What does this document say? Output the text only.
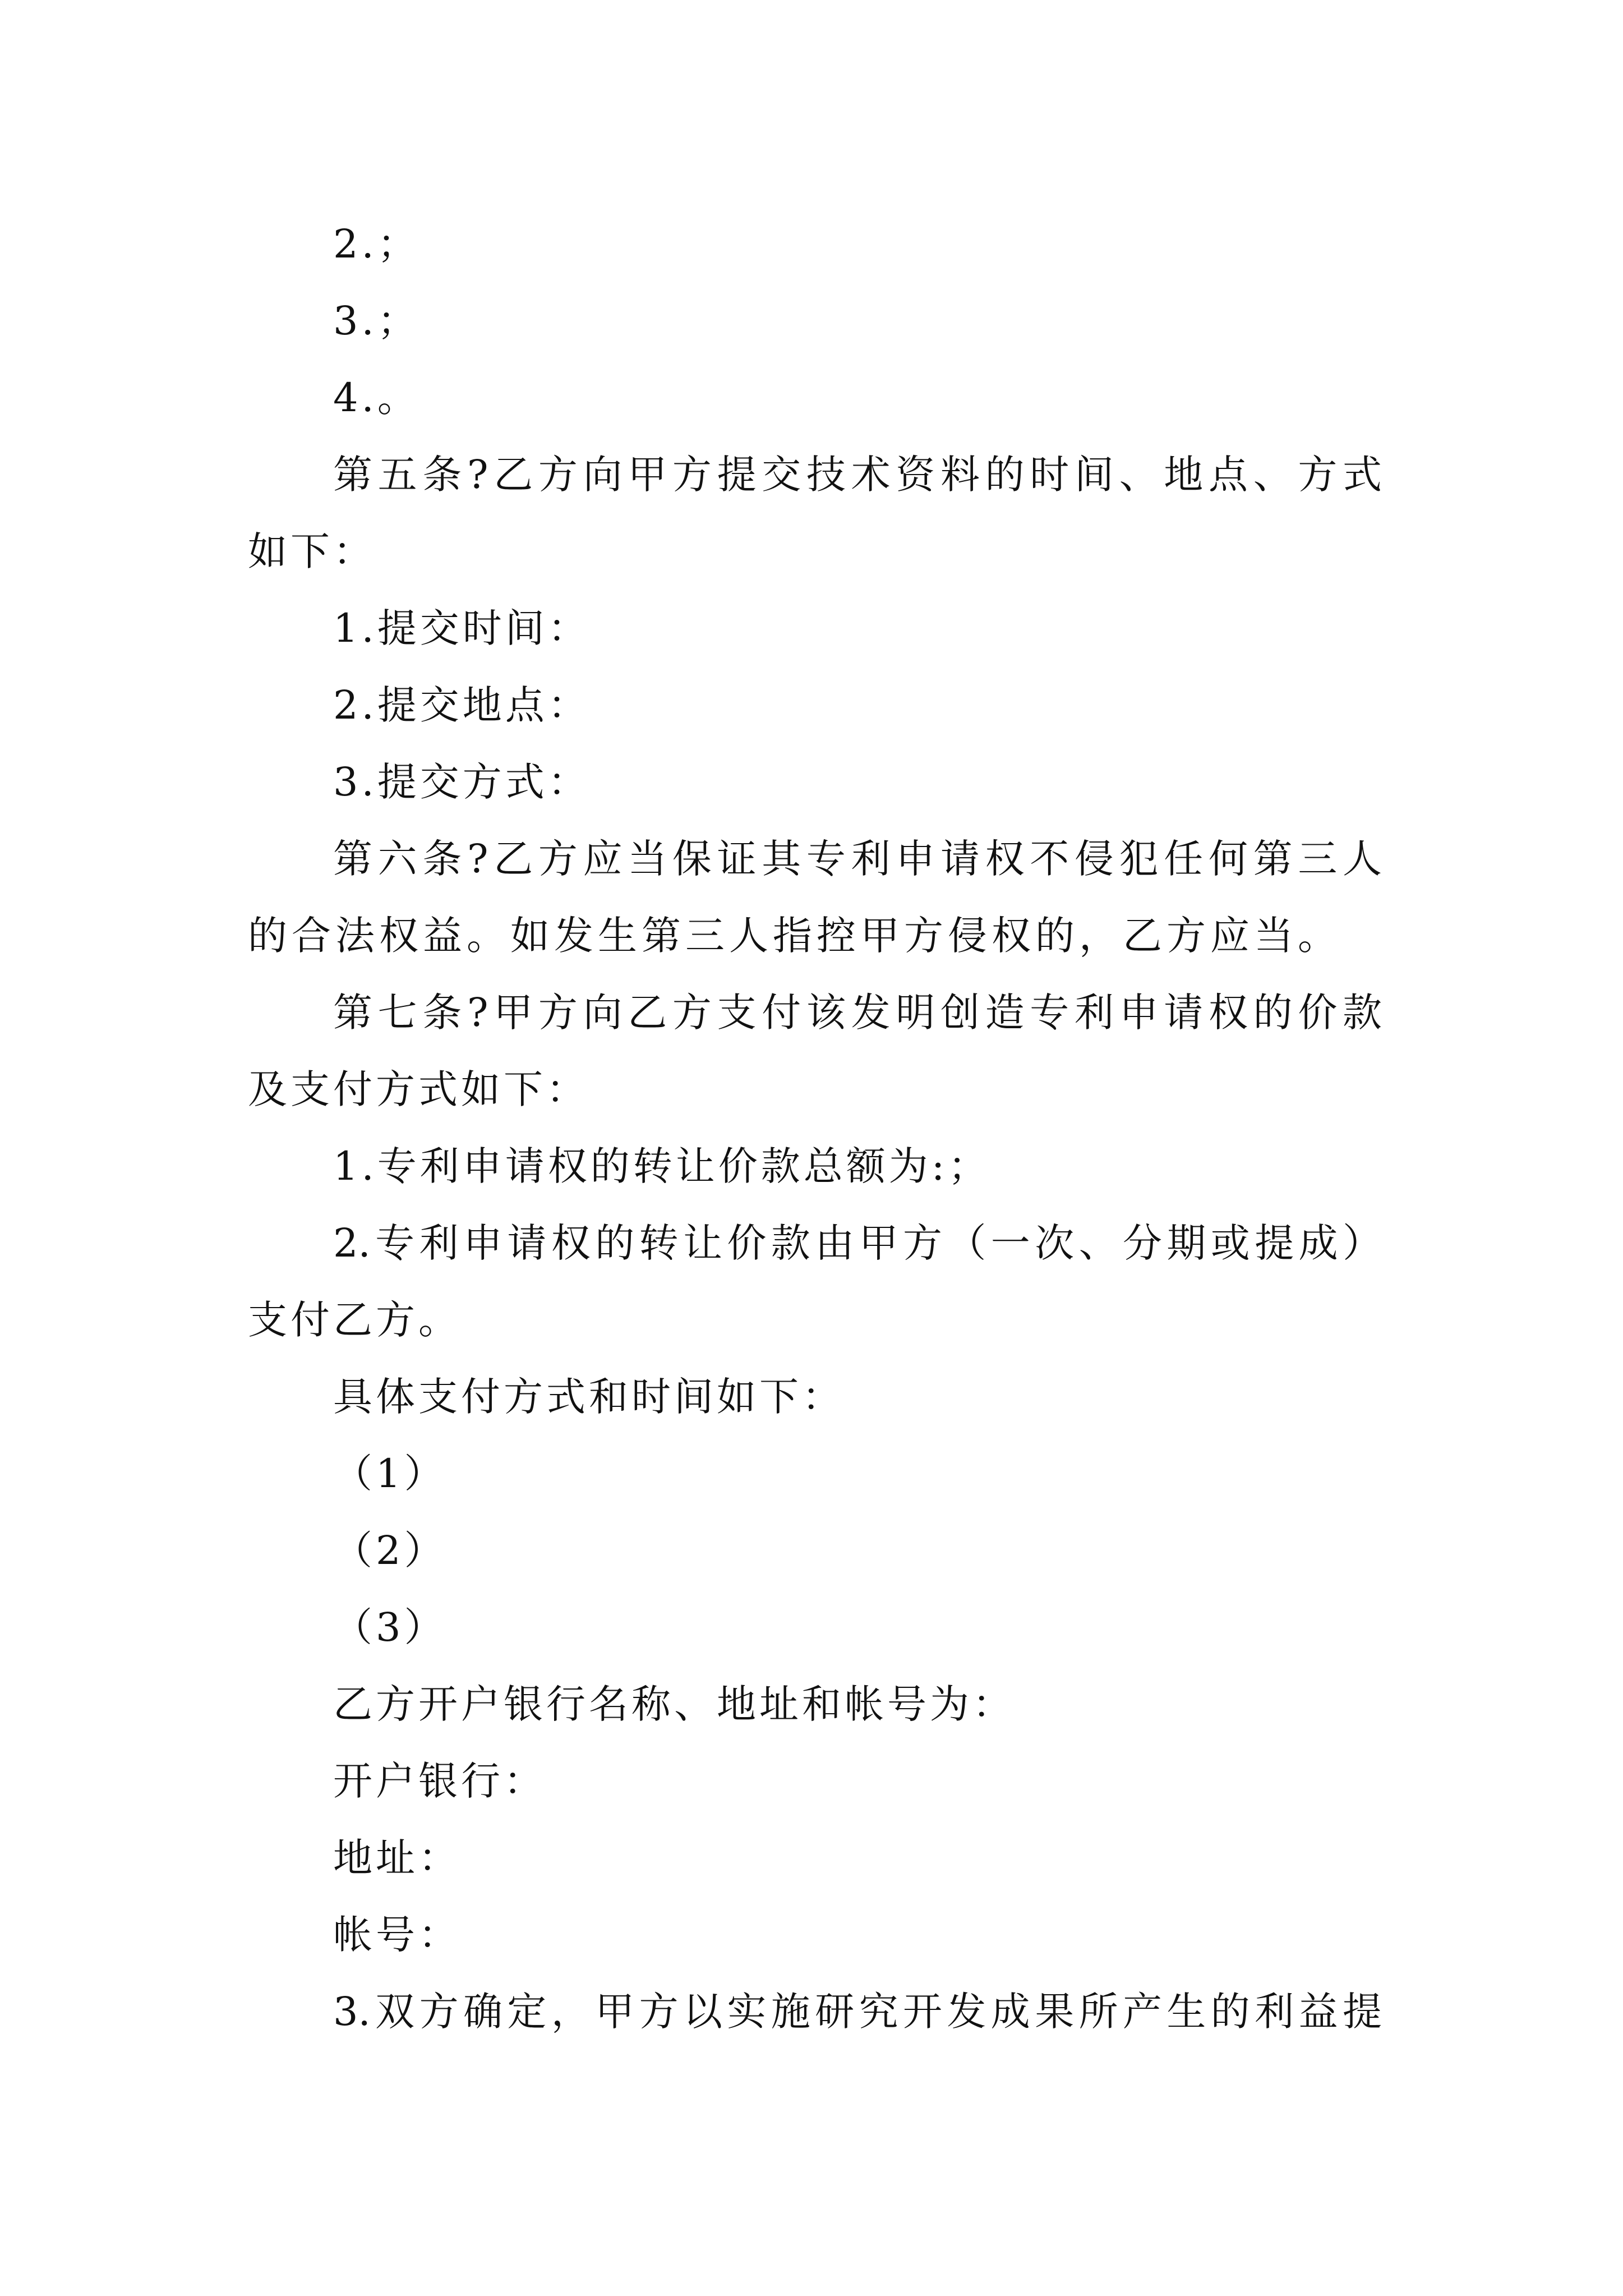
2.；
3.；
4.。
第五条?乙方向甲方提交技术资料的时间、地点、方式
如下：
1.提交时间：
2.提交地点：
3.提交方式：
第六条?乙方应当保证其专利申请权不侵犯任何第三人
的合法权益。如发生第三人指控甲方侵权的，乙方应当。
第七条?甲方向乙方支付该发明创造专利申请权的价款
及支付方式如下：
1.专利申请权的转让价款总额为:；
2.专利申请权的转让价款由甲方（一次、分期或提成）
支付乙方。
具体支付方式和时间如下：
（1）
（2）
（3）
乙方开户银行名称、地址和帐号为：
开户银行：
地址：
帐号：
3.双方确定，甲方以实施研究开发成果所产生的利益提
